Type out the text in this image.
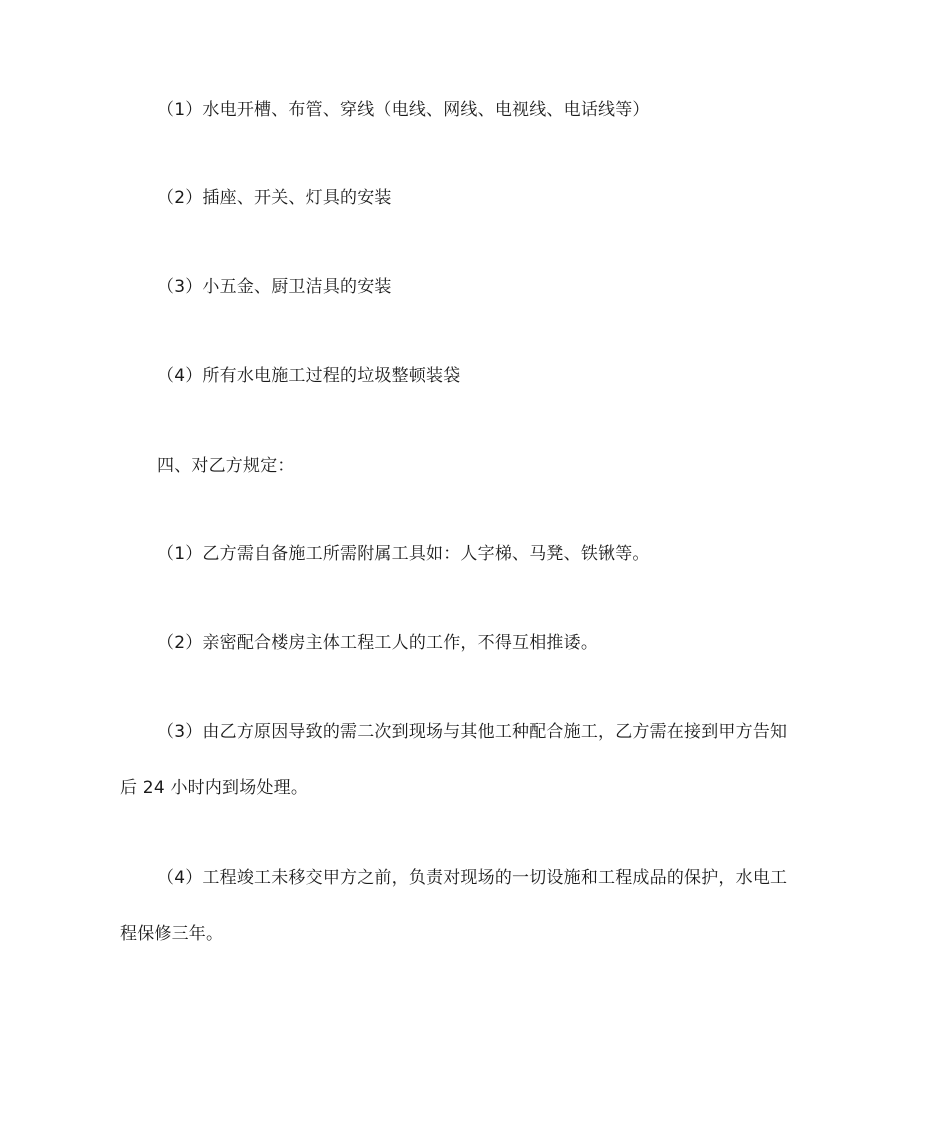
（1）水电开槽、布管、穿线（电线、网线、电视线、电话线等）
（2）插座、开关、灯具的安装
（3）小五金、厨卫洁具的安装
（4）所有水电施工过程的垃圾整顿装袋
四、对乙方规定：
（1）乙方需自备施工所需附属工具如：人字梯、马凳、铁锹等。
（2）亲密配合楼房主体工程工人的工作，不得互相推诿。
（3）由乙方原因导致的需二次到现场与其他工种配合施工，乙方需在接到甲方告知
后 24 小时内到场处理。
（4）工程竣工未移交甲方之前，负责对现场的一切设施和工程成品的保护，水电工
程保修三年。
